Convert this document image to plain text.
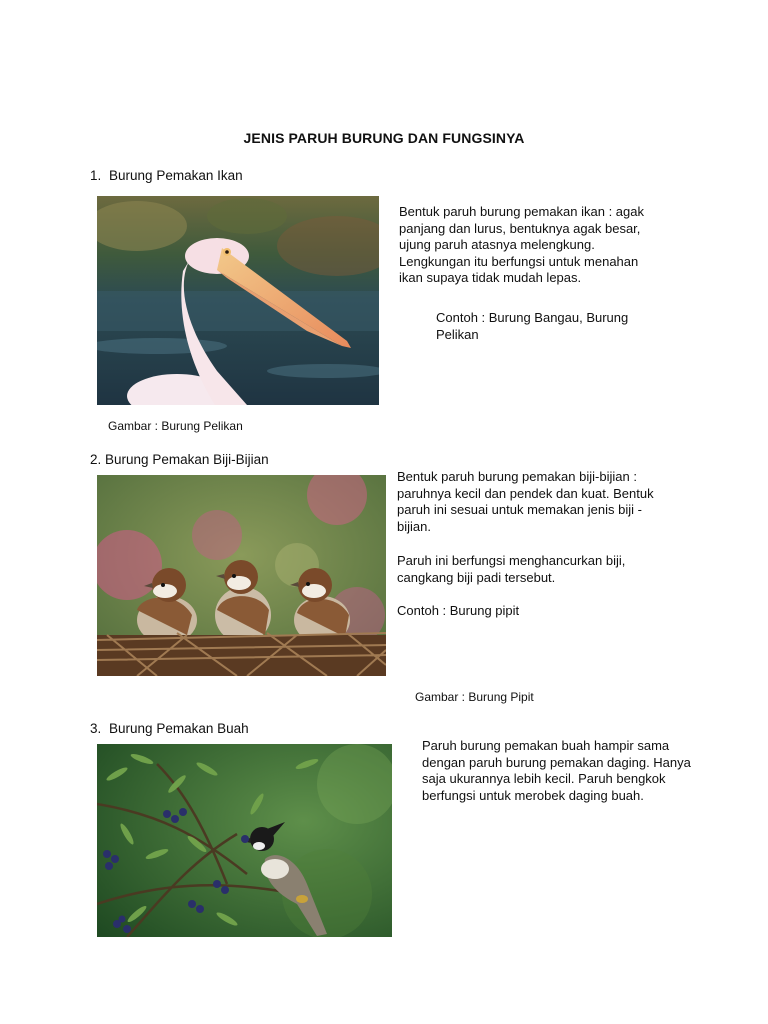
JENIS PARUH BURUNG DAN FUNGSINYA
1. Burung Pemakan Ikan
Bentuk paruh burung pemakan ikan : agak panjang dan lurus, bentuknya agak besar, ujung paruh atasnya melengkung. Lengkungan itu berfungsi untuk menahan ikan supaya tidak mudah lepas.
Contoh : Burung Bangau, Burung Pelikan
Gambar : Burung Pelikan
2. Burung Pemakan Biji-Bijian
Bentuk paruh burung pemakan biji-bijian : paruhnya kecil dan pendek dan kuat. Bentuk paruh ini sesuai untuk memakan jenis biji - bijian.
Paruh ini berfungsi menghancurkan biji, cangkang biji padi tersebut.
Contoh : Burung pipit
Gambar : Burung Pipit
3. Burung Pemakan Buah
Paruh burung pemakan buah hampir sama dengan paruh burung pemakan daging. Hanya saja ukurannya lebih kecil. Paruh bengkok berfungsi untuk merobek daging buah.
